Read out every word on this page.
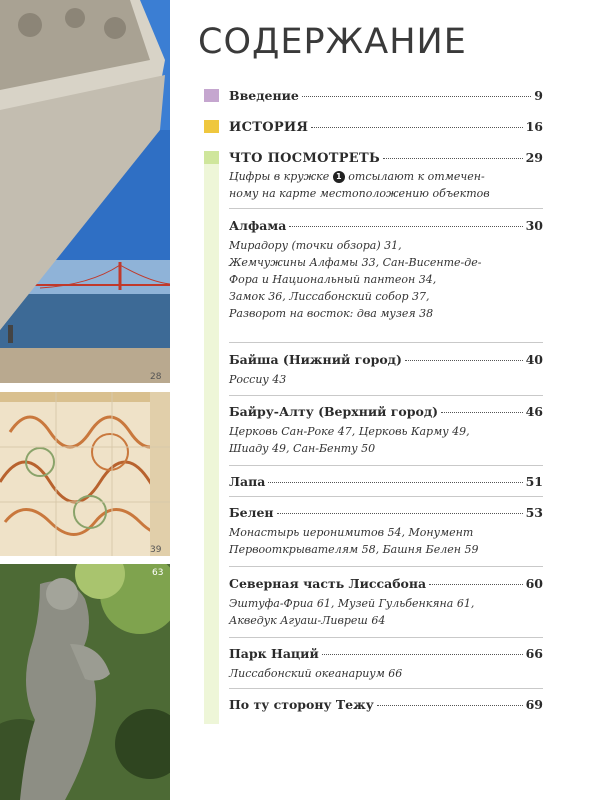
28
39
63
СОДЕРЖАНИЕ
Введение	9
ИСТОРИЯ	16
ЧТО ПОСМОТРЕТЬ	29
Цифры в кружке 1 отсылают к отмечен-
ному на карте местоположению объектов
Алфама	30
Мирадору (точки обзора) 31,
Жемчужины Алфамы 33, Сан-Висенте-де-
Фора и Национальный пантеон 34,
Замок 36, Лиссабонский собор 37,
Разворот на восток: два музея 38
Байша (Нижний город)	40
Россиу 43
Байру-Алту (Верхний город)	46
Церковь Сан-Роке 47, Церковь Карму 49,
Шиаду 49, Сан-Бенту 50
Лапа	51
Белен	53
Монастырь иеронимитов 54, Монумент
Первооткрывателям 58, Башня Белен 59
Северная часть Лиссабона	60
Эштуфа-Фриа 61, Музей Гульбенкяна 61,
Акведук Агуаш-Ливреш 64
Парк Наций	66
Лиссабонский океанариум 66
По ту сторону Тежу	69
